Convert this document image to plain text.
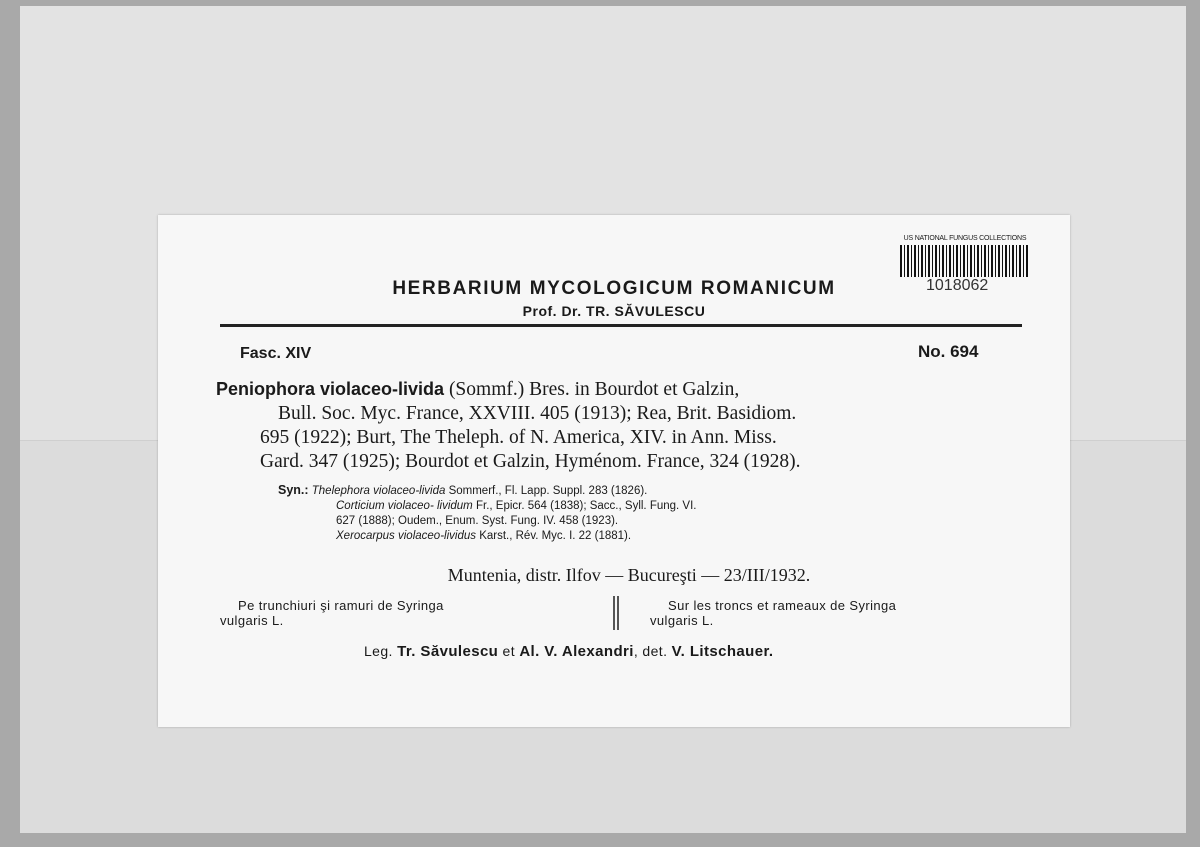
US NATIONAL FUNGUS COLLECTIONS
1018062
HERBARIUM MYCOLOGICUM ROMANICUM
Prof. Dr. TR. SĂVULESCU
Fasc. XIV	No. 694
Peniophora violaceo-livida (Sommf.) Bres. in Bourdot et Galzin,
Bull. Soc. Myc. France, XXVIII. 405 (1913); Rea, Brit. Basidiom.
695 (1922); Burt, The Theleph. of N. America, XIV. in Ann. Miss.
Gard. 347 (1925); Bourdot et Galzin, Hyménom. France, 324 (1928).
Syn.: Thelephora violaceo-livida Sommerf., Fl. Lapp. Suppl. 283 (1826).
Corticium violaceo- lividum Fr., Epicr. 564 (1838); Sacc., Syll. Fung. VI.
627 (1888); Oudem., Enum. Syst. Fung. IV. 458 (1923).
Xerocarpus violaceo-lividus Karst., Rév. Myc. I. 22 (1881).
Muntenia, distr. Ilfov — Bucureşti — 23/III/1932.
Pe trunchiuri şi ramuri de Syringa
vulgaris L.
Sur les troncs et rameaux de Syringa
vulgaris L.
Leg. Tr. Săvulescu et Al. V. Alexandri, det. V. Litschauer.
